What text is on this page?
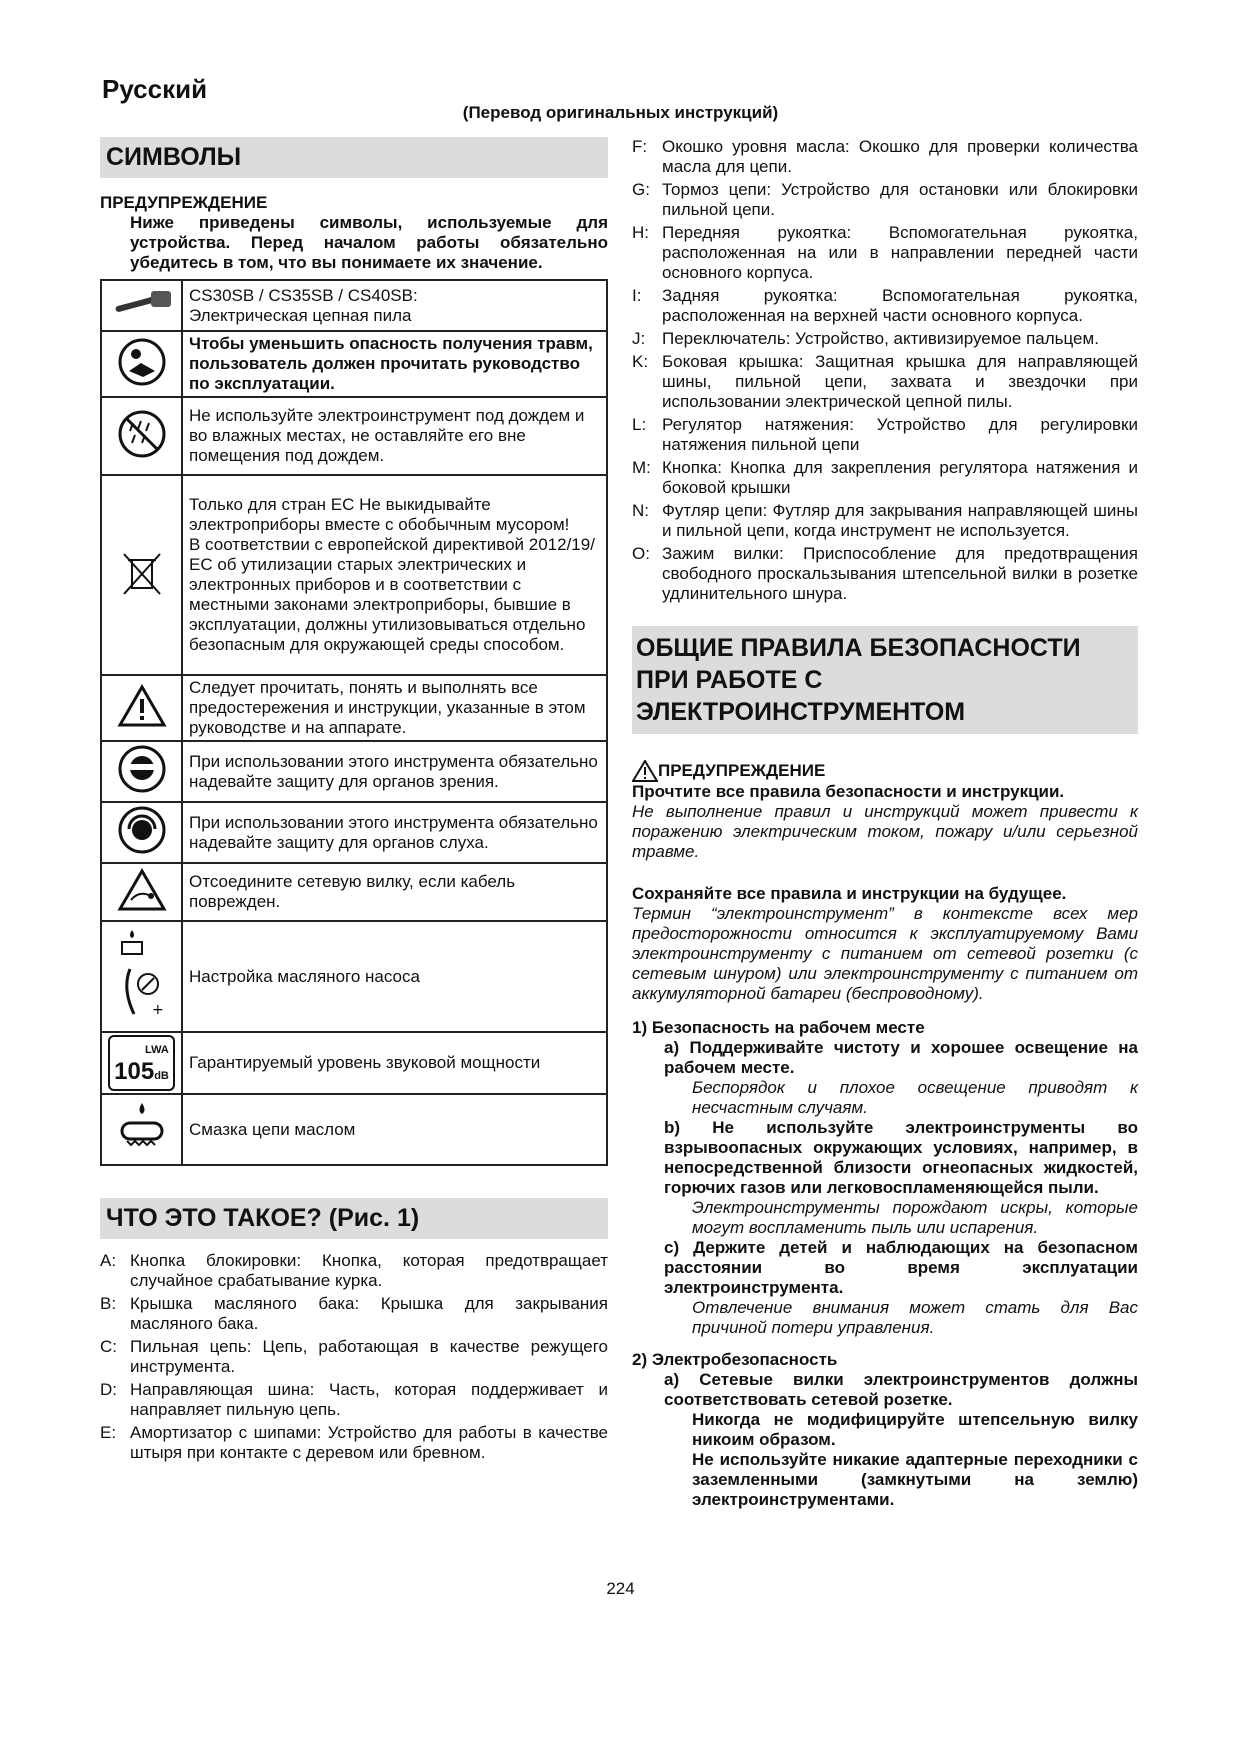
Русский
(Перевод оригинальных инструкций)
СИМВОЛЫ
ПРЕДУПРЕЖДЕНИЕ
Ниже приведены символы, используемые для устройства. Перед началом работы обязательно убедитесь в том, что вы понимаете их значение.
	CS30SB / CS35SB / CS40SB:
Электрическая цепная пила
	Чтобы уменьшить опасность получения травм, пользователь должен прочитать руководство по эксплуатации.
	Не используйте электроинструмент под дождем и во влажных местах, не оставляйте его вне помещения под дождем.
	Только для стран ЕС Не выкидывайте электроприборы вместе с обобычным мусором!
В соответствии с европейской директивой 2012/19/ЕС об утилизации старых электрических и электронных приборов и в соответствии с местными законами электроприборы, бывшие в эксплуатации, должны утилизовываться отдельно безопасным для окружающей среды способом.
	Следует прочитать, понять и выполнять все предостережения и инструкции, указанные в этом руководстве и на аппарате.
	При использовании этого инструмента обязательно надевайте защиту для органов зрения.
	При использовании этого инструмента обязательно надевайте защиту для органов слуха.
	Отсоедините сетевую вилку, если кабель поврежден.

+	Настройка масляного насоса

LWA
105dB	Гарантируемый уровень звуковой мощности
	Смазка цепи маслом
ЧТО ЭТО ТАКОЕ? (Рис. 1)
A: Кнопка блокировки: Кнопка, которая предотвращает случайное срабатывание курка.
B: Крышка масляного бака: Крышка для закрывания масляного бака.
C: Пильная цепь: Цепь, работающая в качестве режущего инструмента.
D: Направляющая шина: Часть, которая поддерживает и направляет пильную цепь.
E: Амортизатор с шипами: Устройство для работы в качестве штыря при контакте с деревом или бревном.
F: Окошко уровня масла: Окошко для проверки количества масла для цепи.
G: Тормоз цепи: Устройство для остановки или блокировки пильной цепи.
H: Передняя рукоятка: Вспомогательная рукоятка, расположенная на или в направлении передней части основного корпуса.
I:	Задняя рукоятка: Вспомогательная рукоятка, расположенная на верхней части основного корпуса.
J: Переключатель: Устройство, активизируемое пальцем.
K: Боковая крышка: Защитная крышка для направляющей шины, пильной цепи, захвата и звездочки при использовании электрической цепной пилы.
L: Регулятор натяжения: Устройство для регулировки натяжения пильной цепи
M: Кнопка: Кнопка для закрепления регулятора натяжения и боковой крышки
N: Футляр цепи: Футляр для закрывания направляющей шины и пильной цепи, когда инструмент не используется.
O: Зажим вилки: Приспособление для предотвращения свободного проскальзывания штепсельной вилки в розетке удлинительного шнура.
ОБЩИЕ ПРАВИЛА БЕЗОПАСНОСТИ ПРИ РАБОТЕ С ЭЛЕКТРОИНСТРУМЕНТОМ
ПРЕДУПРЕЖДЕНИЕ
Прочтите все правила безопасности и инструкции.
Не выполнение правил и инструкций может привести к поражению электрическим током, пожару и/или серьезной травме.
Сохраняйте все правила и инструкции на будущее.
Термин “электроинструмент” в контексте всех мер предосторожности относится к эксплуатируемому Вами электроинструменту с питанием от сетевой розетки (с сетевым шнуром) или электроинструменту с питанием от аккумуляторной батареи (беспроводному).
1) Безопасность на рабочем месте
a) Поддерживайте чистоту и хорошее освещение на рабочем месте.
Беспорядок и плохое освещение приводят к несчастным случаям.
b) Не используйте электроинструменты во взрывоопасных окружающих условиях, например, в непосредственной близости огнеопасных жидкостей, горючих газов или легковоспламеняющейся пыли.
Электроинструменты порождают искры, которые могут воспламенить пыль или испарения.
c) Держите детей и наблюдающих на безопасном расстоянии во время эксплуатации электроинструмента.
Отвлечение внимания может стать для Вас причиной потери управления.
2) Электробезопасность
a) Сетевые вилки электроинструментов должны соответствовать сетевой розетке.
Никогда не модифицируйте штепсельную вилку никоим образом.
Не используйте никакие адаптерные переходники с заземленными (замкнутыми на землю) электроинструментами.
224
